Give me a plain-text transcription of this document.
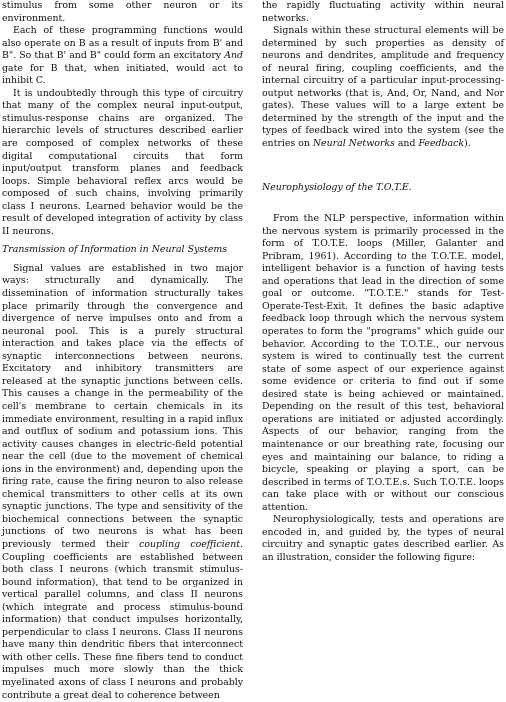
stimulus from some other neuron or its environment.

Each of these programming functions would also operate on B as a result of inputs from B' and B". So that B' and B" could form an excitatory And gate for B that, when initiated, would act to inhibit C.

It is undoubtedly through this type of circuitry that many of the complex neural input-output, stimulus-response chains are organized. The hierarchic levels of structures described earlier are composed of complex networks of these digital computational circuits that form input/output transform planes and feedback loops. Simple behavioral reflex arcs would be composed of such chains, involving primarily class I neurons. Learned behavior would be the result of developed integration of activity by class II neurons.

Transmission of Information in Neural Systems

Signal values are established in two major ways: structurally and dynamically. The dissemination of information structurally takes place primarily through the convergence and divergence of nerve impulses onto and from a neuronal pool. This is a purely structural interaction and takes place via the effects of synaptic interconnections between neurons. Excitatory and inhibitory transmitters are released at the synaptic junctions between cells. This causes a change in the permeability of the cell's membrane to certain chemicals in its immediate environment, resulting in a rapid influx and outflux of sodium and potassium ions. This activity causes changes in electric-field potential near the cell (due to the movement of chemical ions in the environment) and, depending upon the firing rate, cause the firing neuron to also release chemical transmitters to other cells at its own synaptic junctions. The type and sensitivity of the biochemical connections between the synaptic junctions of two neurons is what has been previously termed their coupling coefficient. Coupling coefficients are established between both class I neurons (which transmit stimulus-bound information), that tend to be organized in vertical parallel columns, and class II neurons (which integrate and process stimulus-bound information) that conduct impulses horizontally, perpendicular to class I neurons. Class II neurons have many thin dendritic fibers that interconnect with other cells. These fine fibers tend to conduct impulses much more slowly than the thick myelinated axons of class I neurons and probably contribute a great deal to coherence between

the rapidly fluctuating activity within neural networks.

Signals within these structural elements will be determined by such properties as density of neurons and dendrites, amplitude and frequency of neural firing, coupling coefficients, and the internal circuitry of a particular input-processing-output networks (that is, And, Or, Nand, and Nor gates). These values will to a large extent be determined by the strength of the input and the types of feedback wired into the system (see the entries on Neural Networks and Feedback).

Neurophysiology of the T.O.T.E.

From the NLP perspective, information within the nervous system is primarily processed in the form of T.O.T.E. loops (Miller, Galanter and Pribram, 1961). According to the T.O.T.E. model, intelligent behavior is a function of having tests and operations that lead in the direction of some goal or outcome. "T.O.T.E." stands for Test-Operate-Test-Exit. It defines the basic adaptive feedback loop through which the nervous system operates to form the "programs" which guide our behavior. According to the T.O.T.E., our nervous system is wired to continually test the current state of some aspect of our experience against some evidence or criteria to find out if some desired state is being achieved or maintained. Depending on the result of this test, behavioral operations are initiated or adjusted accordingly. Aspects of our behavior, ranging from the maintenance or our breathing rate, focusing our eyes and maintaining our balance, to riding a bicycle, speaking or playing a sport, can be described in terms of T.O.T.E.s. Such T.O.T.E. loops can take place with or without our conscious attention.

Neurophysiologically, tests and operations are encoded in, and guided by, the types of neural circuitry and synaptic gates described earlier. As an illustration, consider the following figure:
